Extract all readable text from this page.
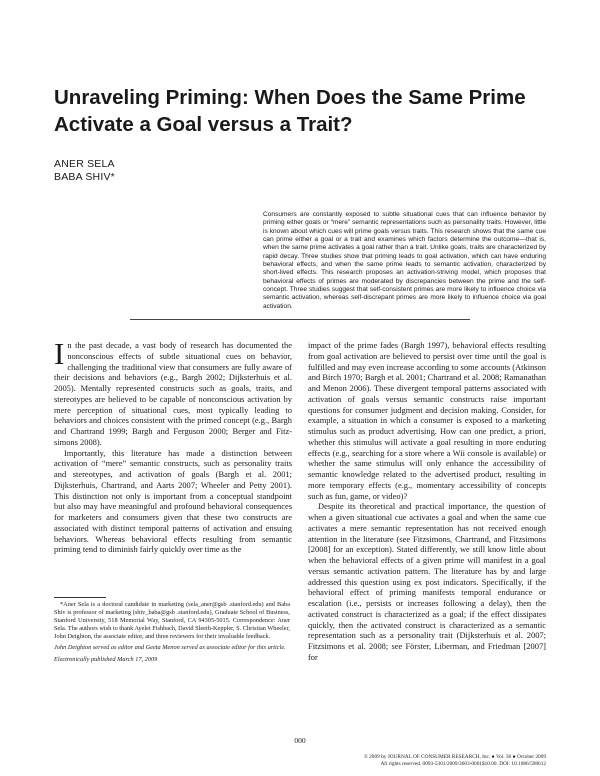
Unraveling Priming: When Does the Same Prime Activate a Goal versus a Trait?
ANER SELA
BABA SHIV*
Consumers are constantly exposed to subtle situational cues that can influence behavior by priming either goals or “mere” semantic representations such as personality traits. However, little is known about which cues will prime goals versus traits. This research shows that the same cue can prime either a goal or a trait and examines which factors determine the outcome—that is, when the same prime activates a goal rather than a trait. Unlike goals, traits are characterized by rapid decay. Three studies show that priming leads to goal activation, which can have enduring behavioral effects, and when the same prime leads to semantic activation, characterized by short-lived effects. This research proposes an activation-striving model, which proposes that behavioral effects of primes are moderated by discrepancies between the prime and the self-concept. Three studies suggest that self-consistent primes are more likely to influence choice via semantic activation, whereas self-discrepant primes are more likely to influence choice via goal activation.

In the past decade, a vast body of research has documented the nonconscious effects of subtle situational cues on behavior, challenging the traditional view that consumers are fully aware of their decisions and behaviors (e.g., Bargh 2002; Dijksterhuis et al. 2005). Mentally represented constructs such as goals, traits, and stereotypes are believed to be capable of nonconscious activation by mere perception of situational cues, most typically leading to behaviors and choices consistent with the primed concept (e.g., Bargh and Chartrand 1999; Bargh and Ferguson 2000; Berger and Fitzsimons 2008).

Importantly, this literature has made a distinction between activation of “mere” semantic constructs, such as personality traits and stereotypes, and activation of goals (Bargh et al. 2001; Dijksterhuis, Chartrand, and Aarts 2007; Wheeler and Petty 2001). This distinction not only is important from a conceptual standpoint but also may have meaningful and profound behavioral consequences for marketers and consumers given that these two constructs are associated with distinct temporal patterns of activation and ensuing behaviors. Whereas behavioral effects resulting from semantic priming tend to diminish fairly quickly over time as the

impact of the prime fades (Bargh 1997), behavioral effects resulting from goal activation are believed to persist over time until the goal is fulfilled and may even increase according to some accounts (Atkinson and Birch 1970; Bargh et al. 2001; Chartrand et al. 2008; Ramanathan and Menon 2006). These divergent temporal patterns associated with activation of goals versus semantic constructs raise important questions for consumer judgment and decision making. Consider, for example, a situation in which a consumer is exposed to a marketing stimulus such as product advertising. How can one predict, a priori, whether this stimulus will activate a goal resulting in more enduring effects (e.g., searching for a store where a Wii console is available) or whether the same stimulus will only enhance the accessibility of semantic knowledge related to the advertised product, resulting in more temporary effects (e.g., momentary accessibility of concepts such as fun, game, or video)?

Despite its theoretical and practical importance, the question of when a given situational cue activates a goal and when the same cue activates a mere semantic representation has not received enough attention in the literature (see Fitzsimons, Chartrand, and Fitzsimons [2008] for an exception). Stated differently, we still know little about when the behavioral effects of a given prime will manifest in a goal versus semantic activation pattern. The literature has by and large addressed this question using ex post indicators. Specifically, if the behavioral effect of priming manifests temporal endurance or escalation (i.e., persists or increases following a delay), then the activated construct is characterized as a goal; if the effect dissipates quickly, then the activated construct is characterized as a semantic representation such as a personality trait (Dijksterhuis et al. 2007; Fitzsimons et al. 2008; see Förster, Liberman, and Friedman [2007] for

*Aner Sela is a doctoral candidate in marketing (sela_aner@gsb .stanford.edu) and Baba Shiv is professor of marketing (shiv_baba@gsb .stanford.edu), Graduate School of Business, Stanford University, 518 Memorial Way, Stanford, CA 94305-5015. Correspondence: Aner Sela. The authors wish to thank Ayelet Fishbach, David Sleeth-Keppler, S. Christian Wheeler, John Deighton, the associate editor, and three reviewers for their invaluable feedback.

John Deighton served as editor and Geeta Menon served as associate editor for this article.

Electronically published March 17, 2009

000
© 2009 by JOURNAL OF CONSUMER RESEARCH, Inc. ● Vol. 36 ● October 2009
All rights reserved. 0093-5301/2009/3603-0001$10.00. DOI: 10.1086/598612
